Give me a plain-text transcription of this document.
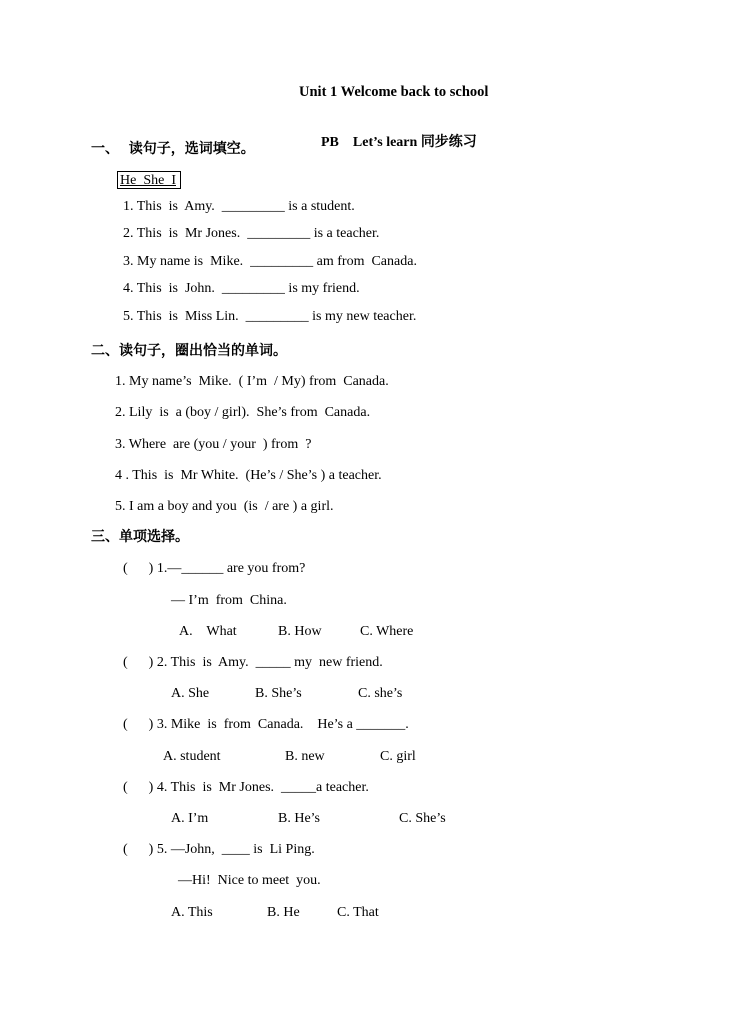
Unit 1 Welcome back to school

PB Let’s learn 同步练习

一、  读句子，选词填空。
He  She  I
1. This  is  Amy.  _________ is a student.
2. This  is  Mr Jones.  _________ is a teacher.
3. My name is  Mike.  _________ am from  Canada.
4. This  is  John.  _________ is my friend.
5. This  is  Miss Lin.  _________ is my new teacher.
二、读句子，圈出恰当的单词。
1. My name’s  Mike.  ( I’m  / My) from  Canada.
2. Lily  is  a (boy / girl).  She’s from  Canada.
3. Where  are (you / your  ) from  ?
4 . This  is  Mr White.  (He’s / She’s ) a teacher.
5. I am a boy and you  (is  / are ) a girl.
三、单项选择。
(      ) 1.—______ are you from?
— I’m  from  China.
A.    What	B. How	C. Where
(      ) 2. This  is  Amy.  _____ my  new friend.
A. She	B. She’s	C. she’s
(      ) 3. Mike  is  from  Canada.    He’s a _______.
A. student	B. new	C. girl
(      ) 4. This  is  Mr Jones.  _____a teacher.
A. I’m	B. He’s	C. She’s
(      ) 5. —John,  ____ is  Li Ping.
—Hi!  Nice to meet  you.
A. This	B. He	C. That
